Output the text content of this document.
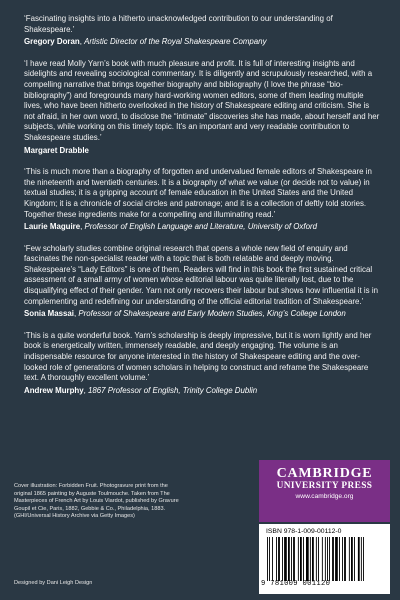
‘Fascinating insights into a hitherto unacknowledged contribution to our understanding of Shakespeare.’

Gregory Doran, Artistic Director of the Royal Shakespeare Company

‘I have read Molly Yarn’s book with much pleasure and profit. It is full of interesting insights and sidelights and revealing sociological commentary. It is diligently and scrupulously researched, with a compelling narrative that brings together biography and bibliography (I love the phrase “bio-bibliography”) and foregrounds many hard-working women editors, some of them leading multiple lives, who have been hitherto overlooked in the history of Shakespeare editing and criticism. She is not afraid, in her own word, to disclose the “intimate” discoveries she has made, about herself and her subjects, while working on this timely topic. It’s an important and very readable contribution to Shakespeare studies.’

Margaret Drabble

‘This is much more than a biography of forgotten and undervalued female editors of Shakespeare in the nineteenth and twentieth centuries. It is a biography of what we value (or decide not to value) in textual studies; it is a gripping account of female education in the United States and the United Kingdom; it is a chronicle of social circles and patronage; and it is a collection of deftly told stories. Together these ingredients make for a compelling and illuminating read.’

Laurie Maguire, Professor of English Language and Literature, University of Oxford

‘Few scholarly studies combine original research that opens a whole new field of enquiry and fascinates the non-specialist reader with a topic that is both relatable and deeply moving. Shakespeare’s “Lady Editors” is one of them. Readers will find in this book the first sustained critical assessment of a small army of women whose editorial labour was quite literally lost, due to the disqualifying effect of their gender. Yarn not only recovers their labour but shows how influential it is in complementing and redefining our understanding of the official editorial tradition of Shakespeare.’

Sonia Massai, Professor of Shakespeare and Early Modern Studies, King’s College London

‘This is a quite wonderful book. Yarn’s scholarship is deeply impressive, but it is worn lightly and her book is energetically written, immensely readable, and deeply engaging. The volume is an indispensable resource for anyone interested in the history of Shakespeare editing and the over-looked role of generations of women scholars in helping to construct and reframe the Shakespeare text. A thoroughly excellent volume.’

Andrew Murphy, 1867 Professor of English, Trinity College Dublin

Cover illustration: Forbidden Fruit. Photogravure print from the original 1865 painting by Auguste Toulmouche. Taken from The Masterpieces of French Art by Louis Viardot, published by Gravure Goupil et Cie, Paris, 1882, Gebbie & Co., Philadelphia, 1883. (GHI/Universal History Archive via Getty Images)
Designed by Dani Leigh Design
CAMBRIDGE
UNIVERSITY PRESS
www.cambridge.org
ISBN 978-1-009-00112-0
9 781009 001120
